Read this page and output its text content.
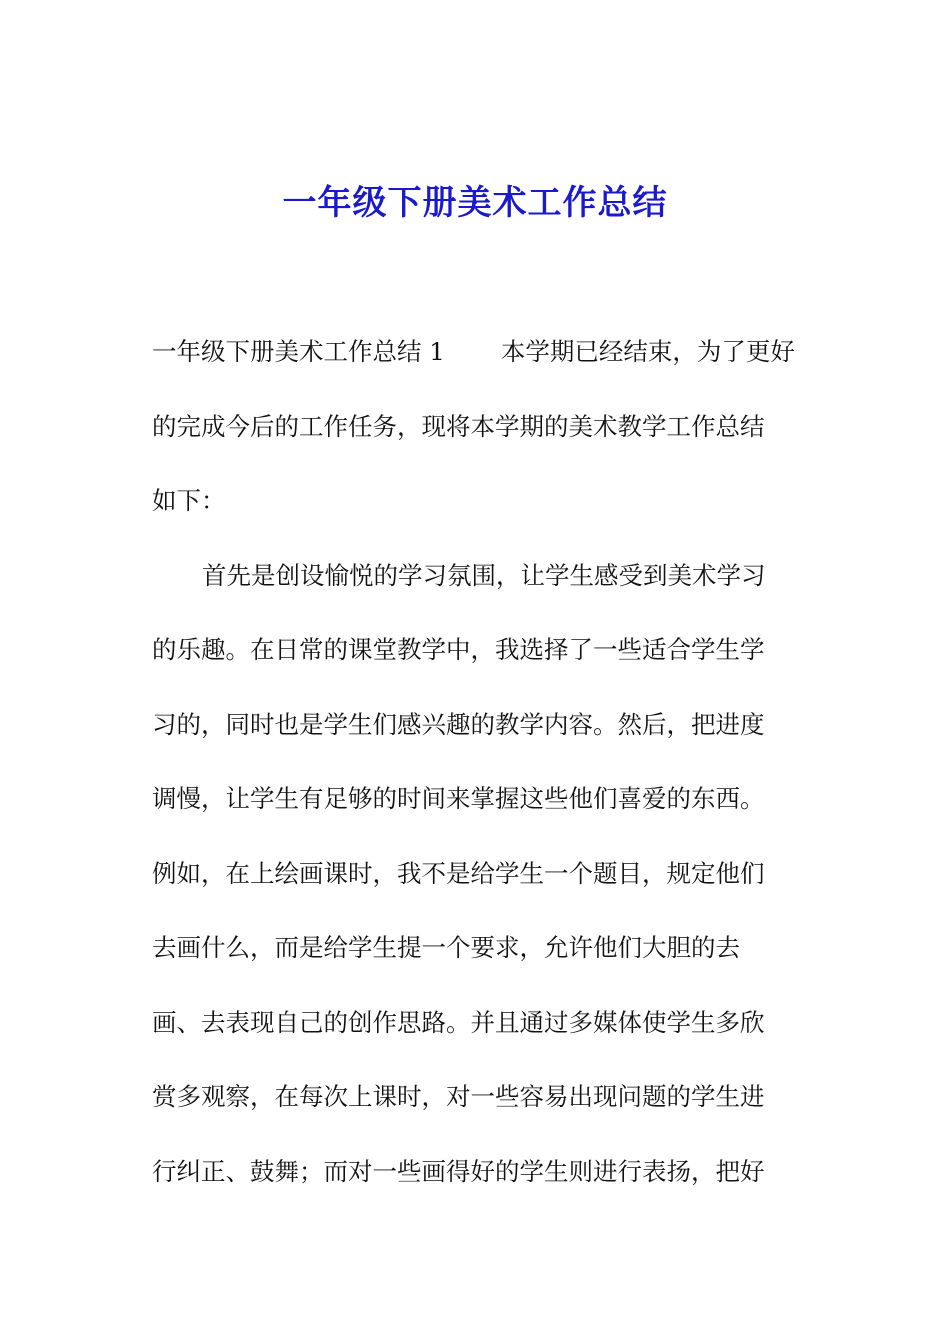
一年级下册美术工作总结
一年级下册美术工作总结 1 本学期已经结束，为了更好
的完成今后的工作任务，现将本学期的美术教学工作总结
如下：
首先是创设愉悦的学习氛围，让学生感受到美术学习
的乐趣。在日常的课堂教学中，我选择了一些适合学生学
习的，同时也是学生们感兴趣的教学内容。然后，把进度
调慢，让学生有足够的时间来掌握这些他们喜爱的东西。
例如，在上绘画课时，我不是给学生一个题目，规定他们
去画什么，而是给学生提一个要求，允许他们大胆的去
画、去表现自己的创作思路。并且通过多媒体使学生多欣
赏多观察，在每次上课时，对一些容易出现问题的学生进
行纠正、鼓舞；而对一些画得好的学生则进行表扬，把好
